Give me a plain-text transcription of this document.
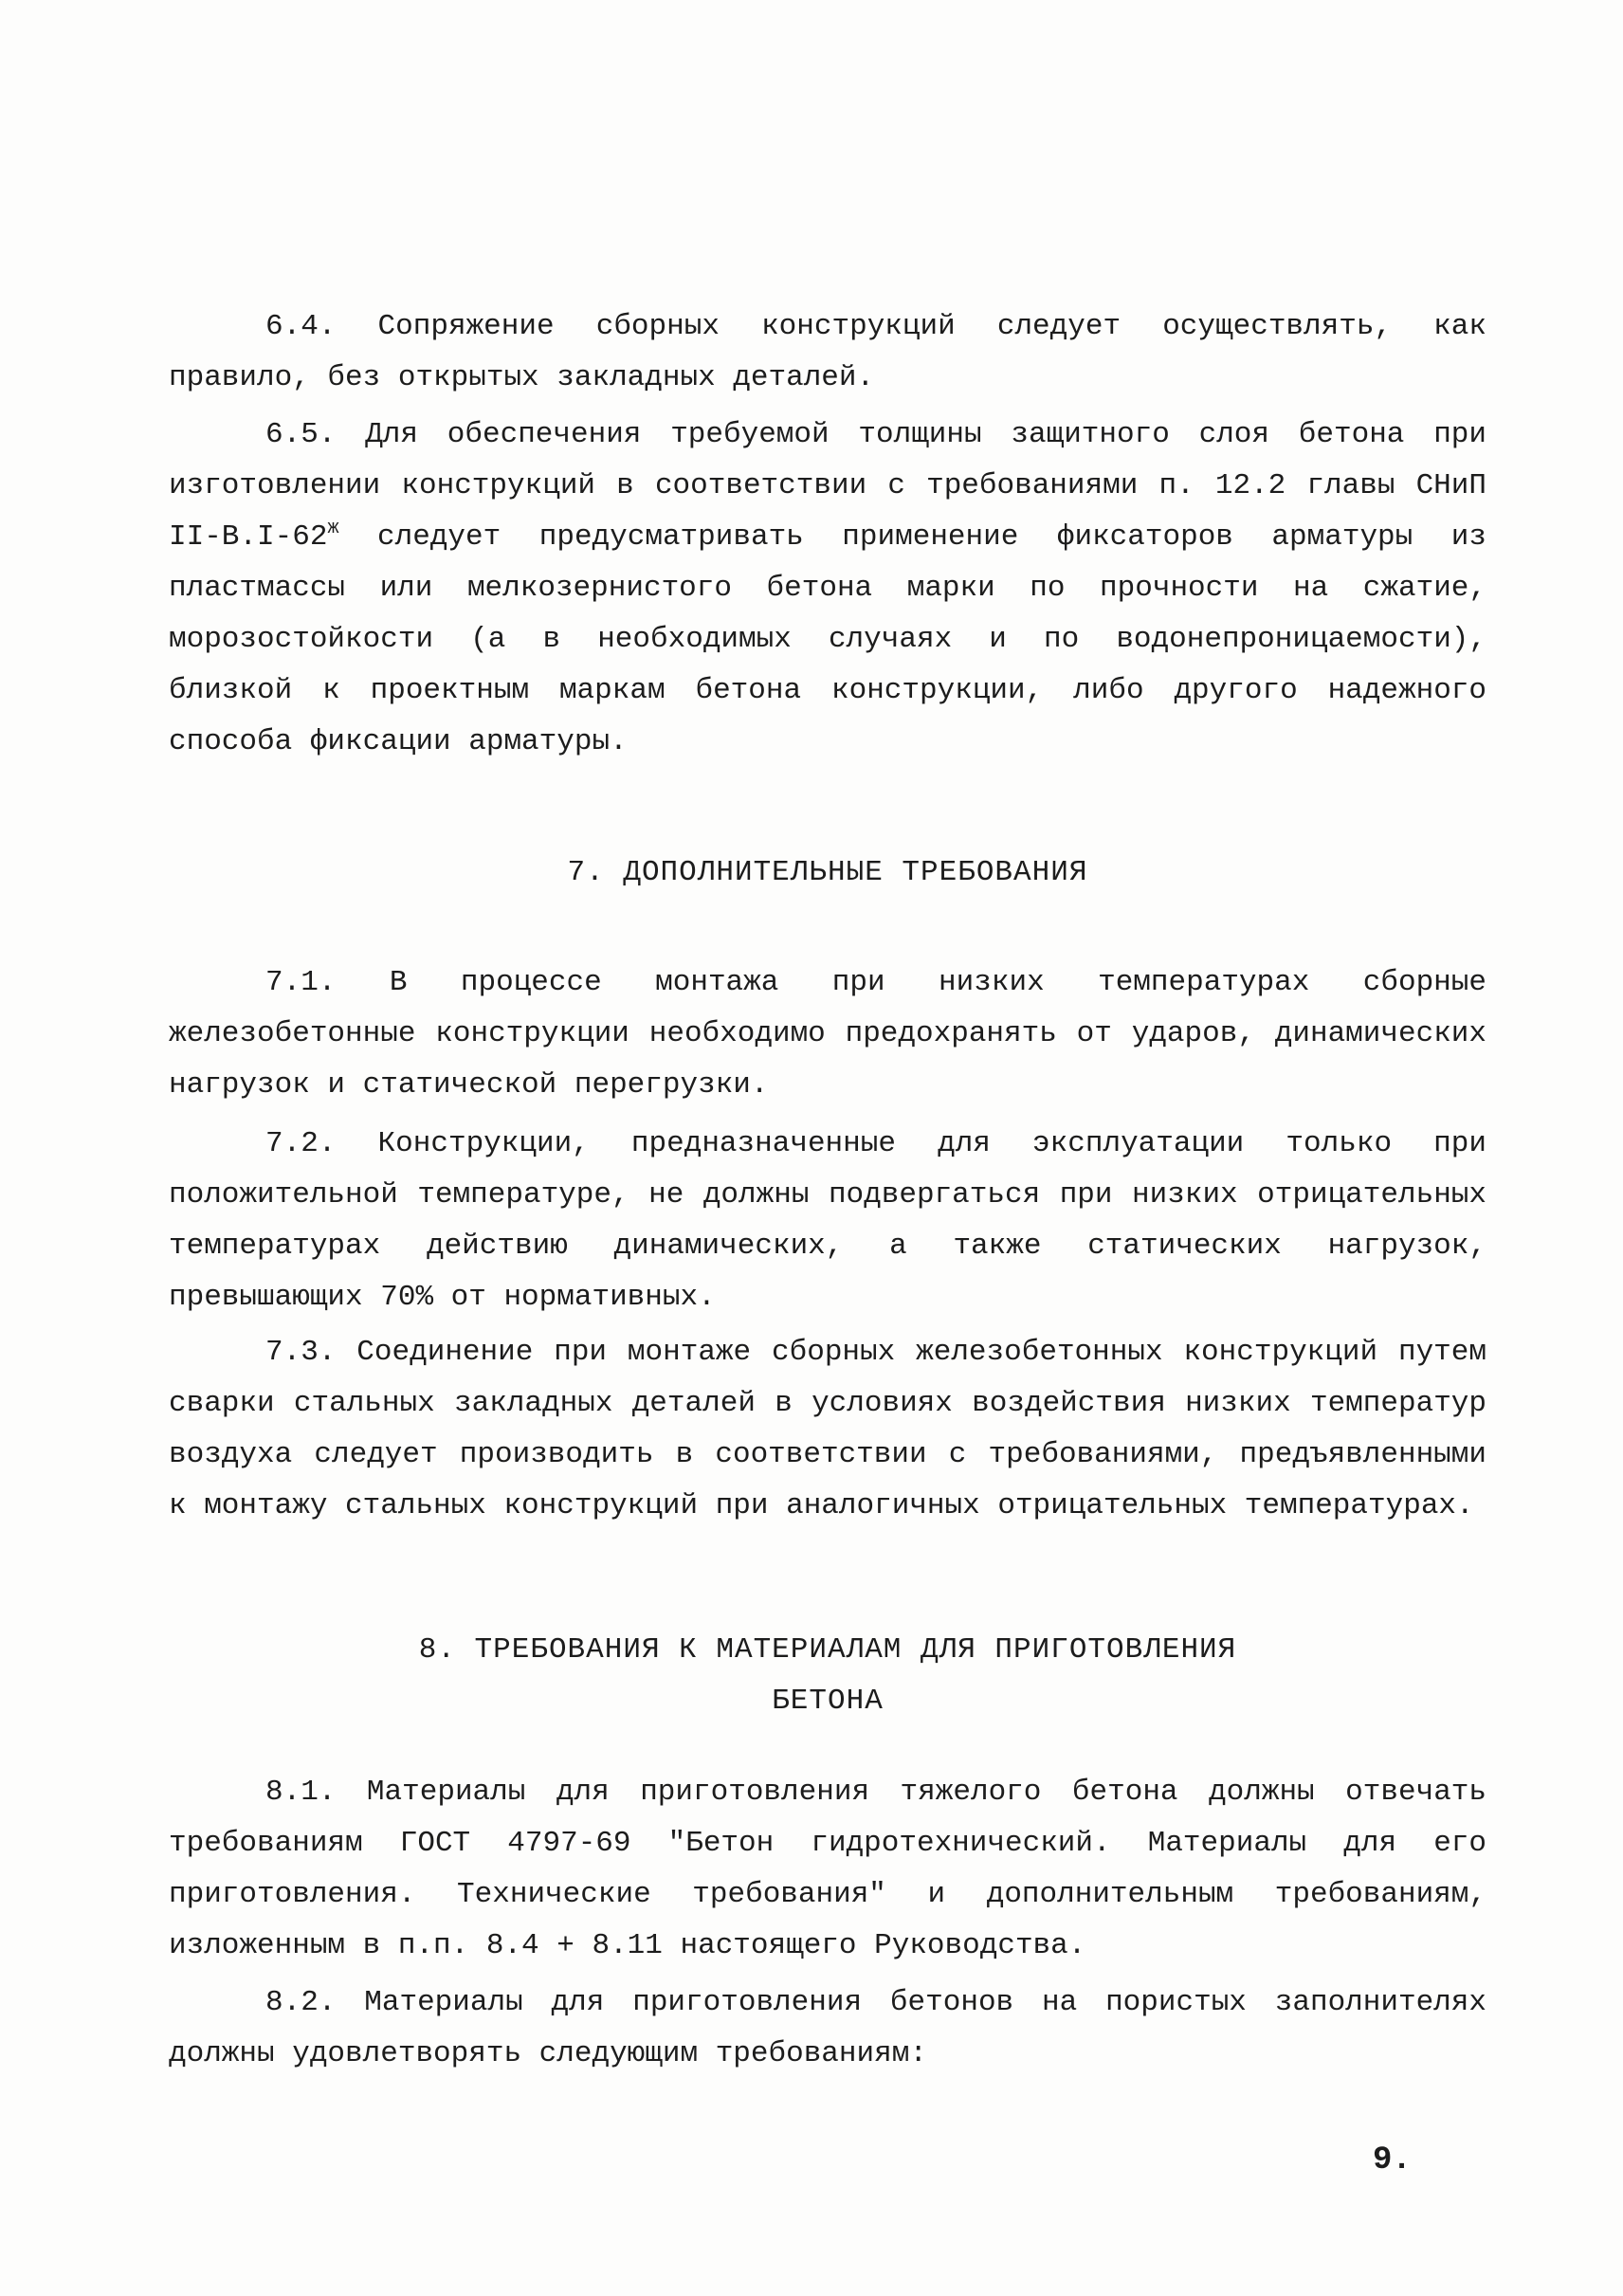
6.4. Сопряжение сборных конструкций следует осуществлять, как правило, без открытых закладных деталей.

6.5. Для обеспечения требуемой толщины защитного слоя бетона при изготовлении конструкций в соответствии с требованиями п. 12.2 главы СНиП $II-В.I-62^ж$ следует предусматривать применение фиксаторов арматуры из пластмассы или мелкозернистого бетона марки по прочности на сжатие, морозостойкости (а в необходимых случаях и по водонепроницаемости), близкой к проектным маркам бетона конструкции, либо другого надежного способа фиксации арматуры.

7. ДОПОЛНИТЕЛЬНЫЕ ТРЕБОВАНИЯ

7.1. В процессе монтажа при низких температурах сборные железобетонные конструкции необходимо предохранять от ударов, динамических нагрузок и статической перегрузки.

7.2. Конструкции, предназначенные для эксплуатации только при положительной температуре, не должны подвергаться при низких отрицательных температурах действию динамических, а также статических нагрузок, превышающих 70% от нормативных.

7.3. Соединение при монтаже сборных железобетонных конструкций путем сварки стальных закладных деталей в условиях воздействия низких температур воздуха следует производить в соответствии с требованиями, предъявленными к монтажу стальных конструкций при аналогичных отрицательных температурах.

8. ТРЕБОВАНИЯ К МАТЕРИАЛАМ ДЛЯ ПРИГОТОВЛЕНИЯ
БЕТОНА

8.1. Материалы для приготовления тяжелого бетона должны отвечать требованиям ГОСТ 4797-69 "Бетон гидротехнический. Материалы для его приготовления. Технические требования" и дополнительным требованиям, изложенным в п.п. 8.4 + 8.11 настоящего Руководства.

8.2. Материалы для приготовления бетонов на пористых заполнителях должны удовлетворять следующим требованиям:

9.
